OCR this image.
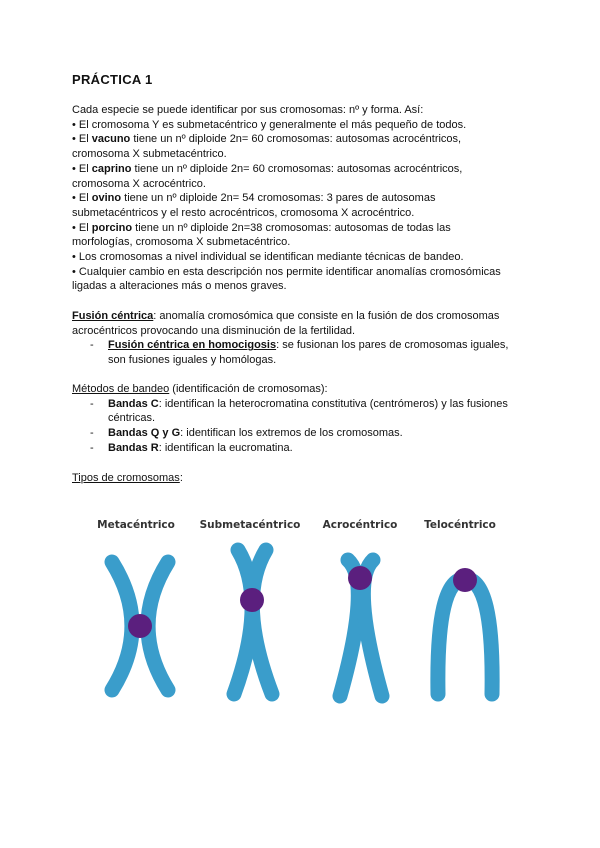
PRÁCTICA 1
Cada especie se puede identificar por sus cromosomas: nº y forma. Así:
• El cromosoma Y es submetacéntrico y generalmente el más pequeño de todos.
• El vacuno tiene un nº diploide 2n= 60 cromosomas: autosomas acrocéntricos, cromosoma X submetacéntrico.
• El caprino tiene un nº diploide 2n= 60 cromosomas: autosomas acrocéntricos, cromosoma X acrocéntrico.
• El ovino tiene un nº diploide 2n= 54 cromosomas: 3 pares de autosomas submetacéntricos y el resto acrocéntricos, cromosoma X acrocéntrico.
• El porcino tiene un nº diploide 2n=38 cromosomas: autosomas de todas las morfologías, cromosoma X submetacéntrico.
• Los cromosomas a nivel individual se identifican mediante técnicas de bandeo.
• Cualquier cambio en esta descripción nos permite identificar anomalías cromosómicas ligadas a alteraciones más o menos graves.
Fusión céntrica: anomalía cromosómica que consiste en la fusión de dos cromosomas acrocéntricos provocando una disminución de la fertilidad.
- Fusión céntrica en homocigosis: se fusionan los pares de cromosomas iguales, son fusiones iguales y homólogas.
Métodos de bandeo (identificación de cromosomas):
- Bandas C: identifican la heterocromatina constitutiva (centrómeros) y las fusiones céntricas.
- Bandas Q y G: identifican los extremos de los cromosomas.
- Bandas R: identifican la eucromatina.
Tipos de cromosomas:
Metacéntrico Submetacéntrico Acrocéntrico	Telocéntrico
